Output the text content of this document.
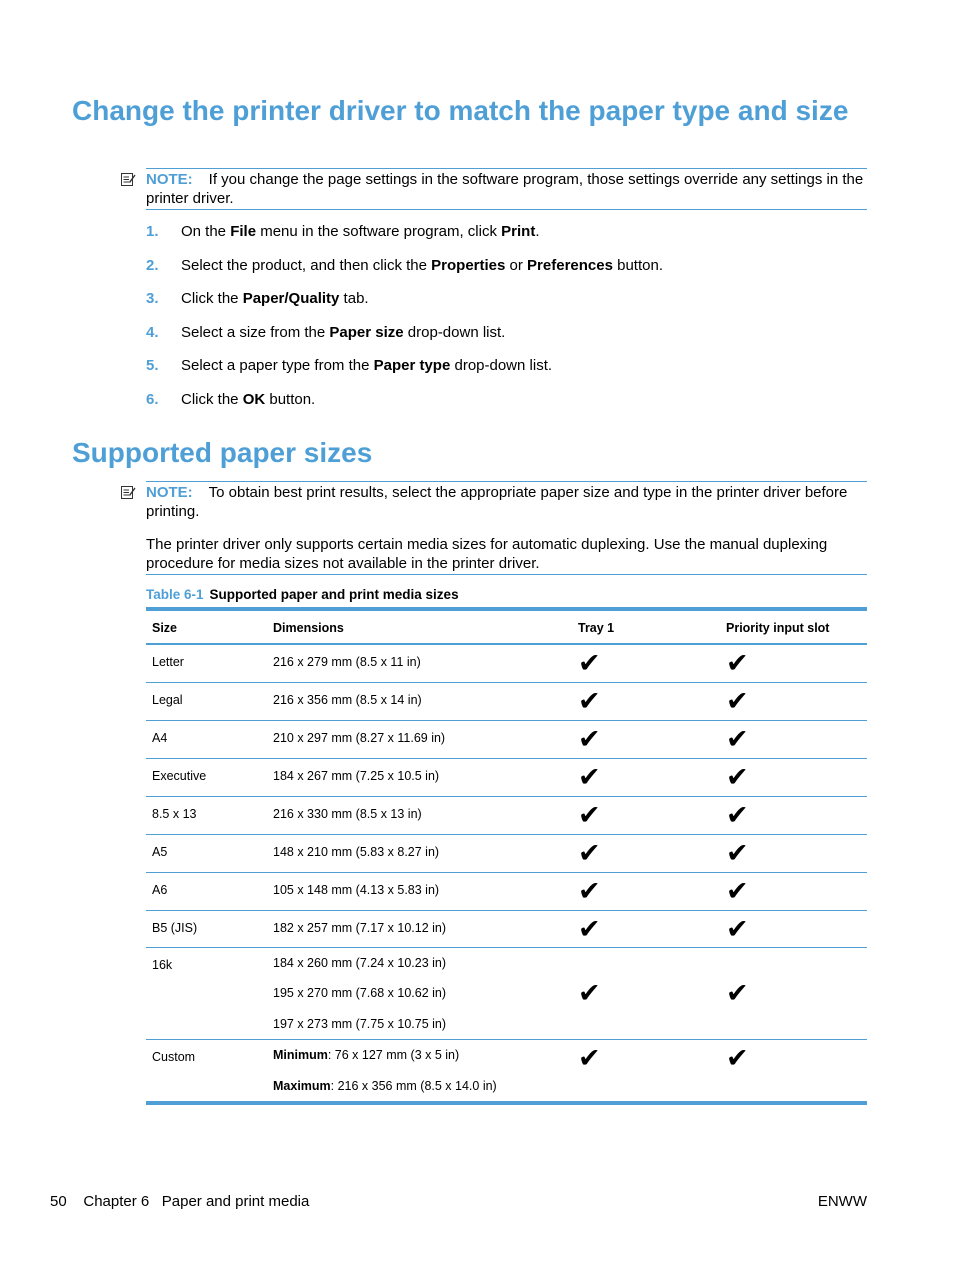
Change the printer driver to match the paper type and size
NOTE: If you change the page settings in the software program, those settings override any settings in the printer driver.
1. On the File menu in the software program, click Print.
2. Select the product, and then click the Properties or Preferences button.
3. Click the Paper/Quality tab.
4. Select a size from the Paper size drop-down list.
5. Select a paper type from the Paper type drop-down list.
6. Click the OK button.
Supported paper sizes
NOTE: To obtain best print results, select the appropriate paper size and type in the printer driver before printing.
The printer driver only supports certain media sizes for automatic duplexing. Use the manual duplexing procedure for media sizes not available in the printer driver.
Table 6-1 Supported paper and print media sizes
Size	Dimensions	Tray 1	Priority input slot
Letter	216 x 279 mm (8.5 x 11 in)	✔	✔
Legal	216 x 356 mm (8.5 x 14 in)	✔	✔
A4	210 x 297 mm (8.27 x 11.69 in)	✔	✔
Executive	184 x 267 mm (7.25 x 10.5 in)	✔	✔
8.5 x 13	216 x 330 mm (8.5 x 13 in)	✔	✔
A5	148 x 210 mm (5.83 x 8.27 in)	✔	✔
A6	105 x 148 mm (4.13 x 5.83 in)	✔	✔
B5 (JIS)	182 x 257 mm (7.17 x 10.12 in)	✔	✔
16k	184 x 260 mm (7.24 x 10.23 in)
195 x 270 mm (7.68 x 10.62 in)
197 x 273 mm (7.75 x 10.75 in)	✔	✔
Custom	Minimum: 76 x 127 mm (3 x 5 in)
Maximum: 216 x 356 mm (8.5 x 14.0 in)	✔	✔
50 Chapter 6 Paper and print media	ENWW
